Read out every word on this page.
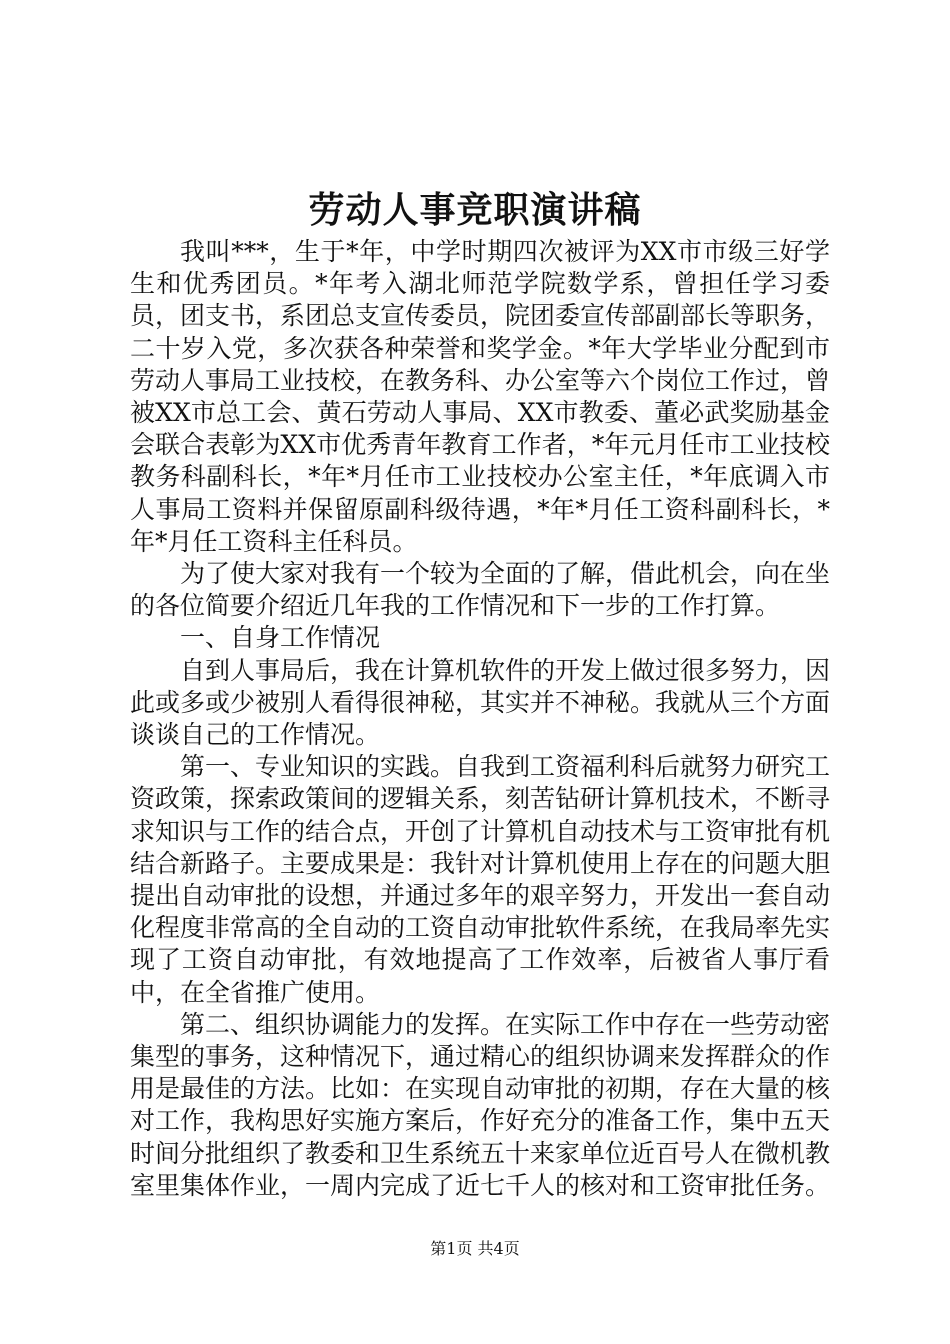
劳动人事竞职演讲稿

我叫***，生于*年，中学时期四次被评为XX市市级三好学生和优秀团员。*年考入湖北师范学院数学系，曾担任学习委员，团支书，系团总支宣传委员，院团委宣传部副部长等职务，二十岁入党，多次获各种荣誉和奖学金。*年大学毕业分配到市劳动人事局工业技校，在教务科、办公室等六个岗位工作过，曾被XX市总工会、黄石劳动人事局、XX市教委、董必武奖励基金会联合表彰为XX市优秀青年教育工作者，*年元月任市工业技校教务科副科长，*年*月任市工业技校办公室主任，*年底调入市人事局工资料并保留原副科级待遇，*年*月任工资科副科长，*年*月任工资科主任科员。

为了使大家对我有一个较为全面的了解，借此机会，向在坐的各位简要介绍近几年我的工作情况和下一步的工作打算。

一、自身工作情况

自到人事局后，我在计算机软件的开发上做过很多努力，因此或多或少被别人看得很神秘，其实并不神秘。我就从三个方面谈谈自己的工作情况。

第一、专业知识的实践。自我到工资福利科后就努力研究工资政策，探索政策间的逻辑关系，刻苦钻研计算机技术，不断寻求知识与工作的结合点，开创了计算机自动技术与工资审批有机结合新路子。主要成果是：我针对计算机使用上存在的问题大胆提出自动审批的设想，并通过多年的艰辛努力，开发出一套自动化程度非常高的全自动的工资自动审批软件系统，在我局率先实现了工资自动审批，有效地提高了工作效率，后被省人事厅看中，在全省推广使用。

第二、组织协调能力的发挥。在实际工作中存在一些劳动密集型的事务，这种情况下，通过精心的组织协调来发挥群众的作用是最佳的方法。比如：在实现自动审批的初期，存在大量的核对工作，我构思好实施方案后，作好充分的准备工作，集中五天时间分批组织了教委和卫生系统五十来家单位近百号人在微机教室里集体作业，一周内完成了近七千人的核对和工资审批任务。

第1页 共4页
